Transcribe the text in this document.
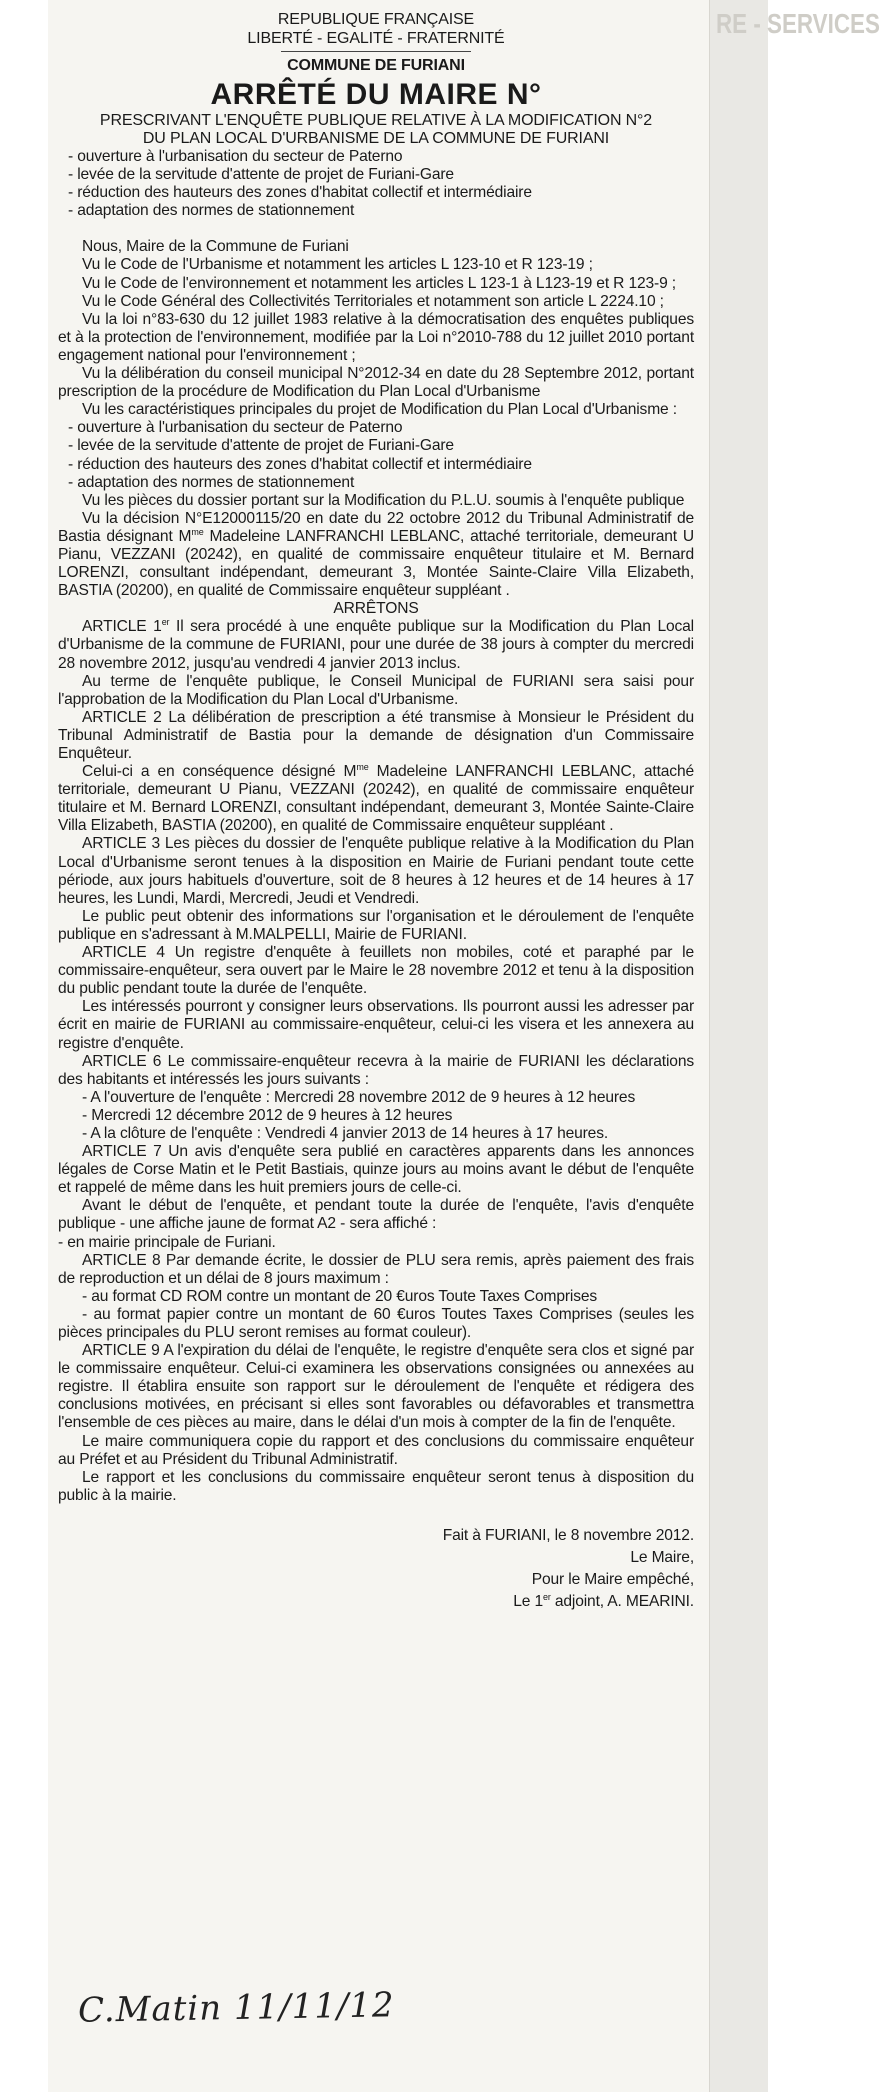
RE - SERVICES
REPUBLIQUE FRANÇAISE
LIBERTÉ - EGALITÉ - FRATERNITÉ
COMMUNE DE FURIANI
ARRÊTÉ DU MAIRE N°
PRESCRIVANT L'ENQUÊTE PUBLIQUE RELATIVE À LA MODIFICATION N°2
DU PLAN LOCAL D'URBANISME DE LA COMMUNE DE FURIANI
- ouverture à l'urbanisation du secteur de Paterno
- levée de la servitude d'attente de projet de Furiani-Gare
- réduction des hauteurs des zones d'habitat collectif et intermédiaire
- adaptation des normes de stationnement

Nous, Maire de la Commune de Furiani

Vu le Code de l'Urbanisme et notamment les articles L 123-10 et R 123-19 ;

Vu le Code de l'environnement et notamment les articles L 123-1 à L123-19 et R 123-9 ;

Vu le Code Général des Collectivités Territoriales et notamment son article L 2224.10 ;

Vu la loi n°83-630 du 12 juillet 1983 relative à la démocratisation des enquêtes publiques et à la protection de l'environnement, modifiée par la Loi n°2010-788 du 12 juillet 2010 portant engagement national pour l'environnement ;

Vu la délibération du conseil municipal N°2012-34 en date du 28 Septembre 2012, portant prescription de la procédure de Modification du Plan Local d'Urbanisme

Vu les caractéristiques principales du projet de Modification du Plan Local d'Urbanisme :

- ouverture à l'urbanisation du secteur de Paterno
- levée de la servitude d'attente de projet de Furiani-Gare
- réduction des hauteurs des zones d'habitat collectif et intermédiaire
- adaptation des normes de stationnement

Vu les pièces du dossier portant sur la Modification du P.L.U. soumis à l'enquête publique

Vu la décision N°E12000115/20 en date du 22 octobre 2012 du Tribunal Administratif de Bastia désignant $M^{me}$ Madeleine LANFRANCHI LEBLANC, attaché territoriale, demeurant U Pianu, VEZZANI (20242), en qualité de commissaire enquêteur titulaire et M. Bernard LORENZI, consultant indépendant, demeurant 3, Montée Sainte-Claire Villa Elizabeth, BASTIA (20200), en qualité de Commissaire enquêteur suppléant .

ARRÊTONS

ARTICLE 1er Il sera procédé à une enquête publique sur la Modification du Plan Local d'Urbanisme de la commune de FURIANI, pour une durée de 38 jours à compter du mercredi 28 novembre 2012, jusqu'au vendredi 4 janvier 2013 inclus.

Au terme de l'enquête publique, le Conseil Municipal de FURIANI sera saisi pour l'approbation de la Modification du Plan Local d'Urbanisme.

ARTICLE 2 La délibération de prescription a été transmise à Monsieur le Président du Tribunal Administratif de Bastia pour la demande de désignation d'un Commissaire Enquêteur.

Celui-ci a en conséquence désigné $M^{me}$ Madeleine LANFRANCHI LEBLANC, attaché territoriale, demeurant U Pianu, VEZZANI (20242), en qualité de commissaire enquêteur titulaire et M. Bernard LORENZI, consultant indépendant, demeurant 3, Montée Sainte-Claire Villa Elizabeth, BASTIA (20200), en qualité de Commissaire enquêteur suppléant .

ARTICLE 3 Les pièces du dossier de l'enquête publique relative à la Modification du Plan Local d'Urbanisme seront tenues à la disposition en Mairie de Furiani pendant toute cette période, aux jours habituels d'ouverture, soit de 8 heures à 12 heures et de 14 heures à 17 heures, les Lundi, Mardi, Mercredi, Jeudi et Vendredi.

Le public peut obtenir des informations sur l'organisation et le déroulement de l'enquête publique en s'adressant à M.MALPELLI, Mairie de FURIANI.

ARTICLE 4 Un registre d'enquête à feuillets non mobiles, coté et paraphé par le commissaire-enquêteur, sera ouvert par le Maire le 28 novembre 2012 et tenu à la disposition du public pendant toute la durée de l'enquête.

Les intéressés pourront y consigner leurs observations. Ils pourront aussi les adresser par écrit en mairie de FURIANI au commissaire-enquêteur, celui-ci les visera et les annexera au registre d'enquête.

ARTICLE 6 Le commissaire-enquêteur recevra à la mairie de FURIANI les déclarations des habitants et intéressés les jours suivants :

- A l'ouverture de l'enquête : Mercredi 28 novembre 2012 de 9 heures à 12 heures

- Mercredi 12 décembre 2012 de 9 heures à 12 heures

- A la clôture de l'enquête : Vendredi 4 janvier 2013 de 14 heures à 17 heures.

ARTICLE 7 Un avis d'enquête sera publié en caractères apparents dans les annonces légales de Corse Matin et le Petit Bastiais, quinze jours au moins avant le début de l'enquête et rappelé de même dans les huit premiers jours de celle-ci.

Avant le début de l'enquête, et pendant toute la durée de l'enquête, l'avis d'enquête publique - une affiche jaune de format A2 - sera affiché :

- en mairie principale de Furiani.

ARTICLE 8 Par demande écrite, le dossier de PLU sera remis, après paiement des frais de reproduction et un délai de 8 jours maximum :

- au format CD ROM contre un montant de 20 €uros Toute Taxes Comprises

- au format papier contre un montant de 60 €uros Toutes Taxes Comprises (seules les pièces principales du PLU seront remises au format couleur).

ARTICLE 9 A l'expiration du délai de l'enquête, le registre d'enquête sera clos et signé par le commissaire enquêteur. Celui-ci examinera les observations consignées ou annexées au registre. Il établira ensuite son rapport sur le déroulement de l'enquête et rédigera des conclusions motivées, en précisant si elles sont favorables ou défavorables et transmettra l'ensemble de ces pièces au maire, dans le délai d'un mois à compter de la fin de l'enquête.

Le maire communiquera copie du rapport et des conclusions du commissaire enquêteur au Préfet et au Président du Tribunal Administratif.

Le rapport et les conclusions du commissaire enquêteur seront tenus à disposition du public à la mairie.

Fait à FURIANI, le 8 novembre 2012.
Le Maire,
Pour le Maire empêché,
Le 1er adjoint, A. MEARINI.
C.Matin 11/11/12
